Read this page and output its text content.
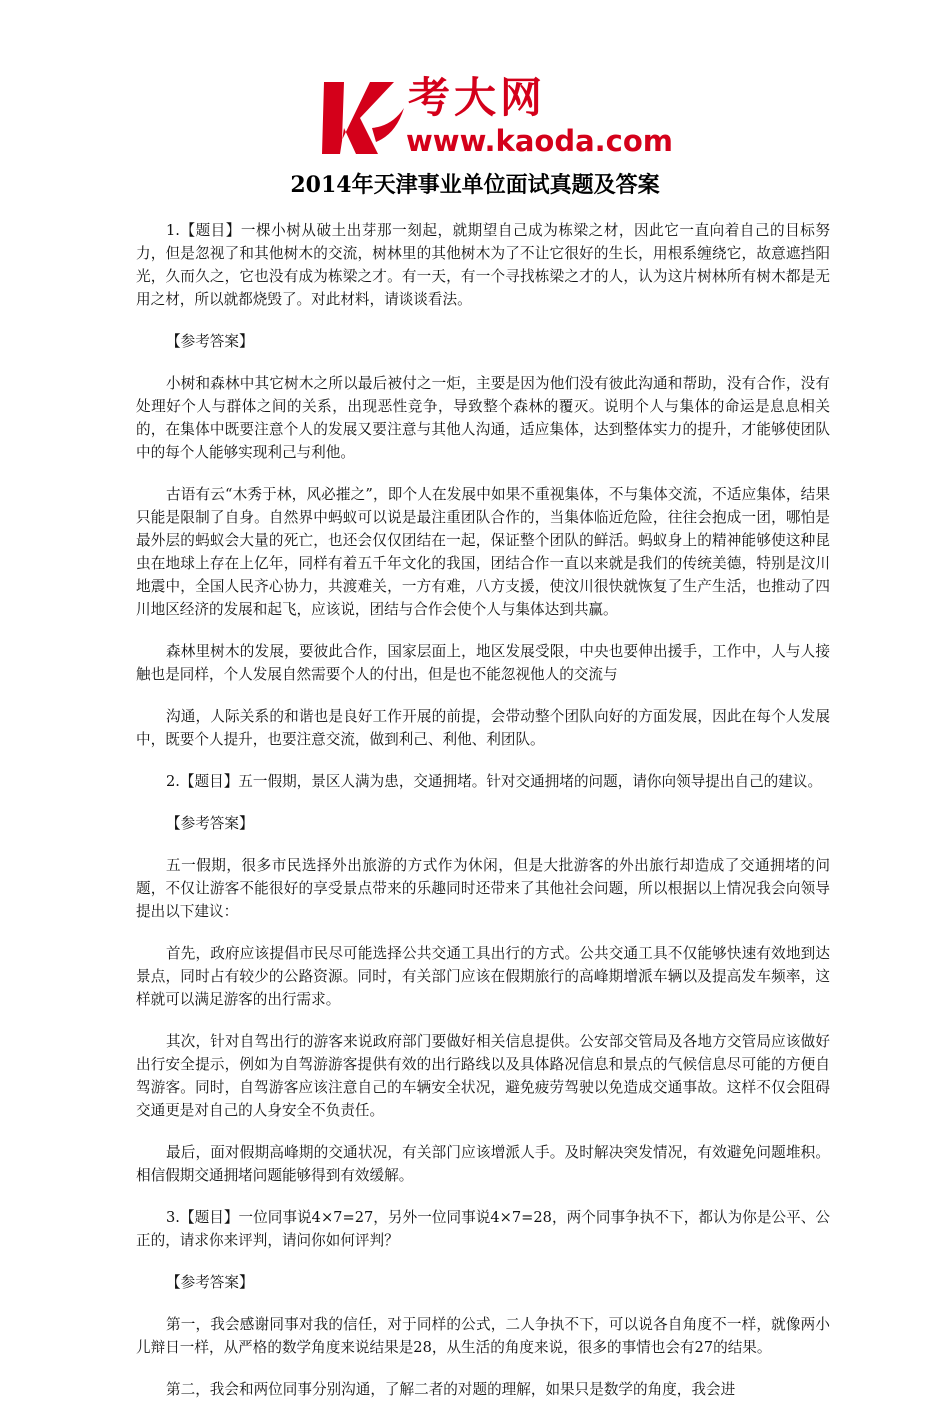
考大网
www.kaoda.com
2014年天津事业单位面试真题及答案

1.【题目】一棵小树从破土出芽那一刻起，就期望自己成为栋梁之材，因此它一直向着自己的目标努力，但是忽视了和其他树木的交流，树林里的其他树木为了不让它很好的生长，用根系缠绕它，故意遮挡阳光，久而久之，它也没有成为栋梁之才。有一天，有一个寻找栋梁之才的人，认为这片树林所有树木都是无用之材，所以就都烧毁了。对此材料，请谈谈看法。

【参考答案】

小树和森林中其它树木之所以最后被付之一炬，主要是因为他们没有彼此沟通和帮助，没有合作，没有处理好个人与群体之间的关系，出现恶性竞争，导致整个森林的覆灭。说明个人与集体的命运是息息相关的，在集体中既要注意个人的发展又要注意与其他人沟通，适应集体，达到整体实力的提升，才能够使团队中的每个人能够实现利己与利他。

古语有云“木秀于林，风必摧之”，即个人在发展中如果不重视集体，不与集体交流，不适应集体，结果只能是限制了自身。自然界中蚂蚁可以说是最注重团队合作的，当集体临近危险，往往会抱成一团，哪怕是最外层的蚂蚁会大量的死亡，也还会仅仅团结在一起，保证整个团队的鲜活。蚂蚁身上的精神能够使这种昆虫在地球上存在上亿年，同样有着五千年文化的我国，团结合作一直以来就是我们的传统美德，特别是汶川地震中，全国人民齐心协力，共渡难关，一方有难，八方支援，使汶川很快就恢复了生产生活，也推动了四川地区经济的发展和起飞，应该说，团结与合作会使个人与集体达到共赢。

森林里树木的发展，要彼此合作，国家层面上，地区发展受限，中央也要伸出援手，工作中，人与人接触也是同样，个人发展自然需要个人的付出，但是也不能忽视他人的交流与

沟通，人际关系的和谐也是良好工作开展的前提，会带动整个团队向好的方面发展，因此在每个人发展中，既要个人提升，也要注意交流，做到利己、利他、利团队。

2.【题目】五一假期，景区人满为患，交通拥堵。针对交通拥堵的问题，请你向领导提出自己的建议。

【参考答案】

五一假期，很多市民选择外出旅游的方式作为休闲，但是大批游客的外出旅行却造成了交通拥堵的问题，不仅让游客不能很好的享受景点带来的乐趣同时还带来了其他社会问题，所以根据以上情况我会向领导提出以下建议：

首先，政府应该提倡市民尽可能选择公共交通工具出行的方式。公共交通工具不仅能够快速有效地到达景点，同时占有较少的公路资源。同时，有关部门应该在假期旅行的高峰期增派车辆以及提高发车频率，这样就可以满足游客的出行需求。

其次，针对自驾出行的游客来说政府部门要做好相关信息提供。公安部交管局及各地方交管局应该做好出行安全提示，例如为自驾游游客提供有效的出行路线以及具体路况信息和景点的气候信息尽可能的方便自驾游客。同时，自驾游客应该注意自己的车辆安全状况，避免疲劳驾驶以免造成交通事故。这样不仅会阻碍交通更是对自己的人身安全不负责任。

最后，面对假期高峰期的交通状况，有关部门应该增派人手。及时解决突发情况，有效避免问题堆积。相信假期交通拥堵问题能够得到有效缓解。

3.【题目】一位同事说4×7=27，另外一位同事说4×7=28，两个同事争执不下，都认为你是公平、公正的，请求你来评判，请问你如何评判？

【参考答案】

第一，我会感谢同事对我的信任，对于同样的公式，二人争执不下，可以说各自角度不一样，就像两小儿辩日一样，从严格的数学角度来说结果是28，从生活的角度来说，很多的事情也会有27的结果。

第二，我会和两位同事分别沟通，了解二者的对题的理解，如果只是数学的角度，我会进
